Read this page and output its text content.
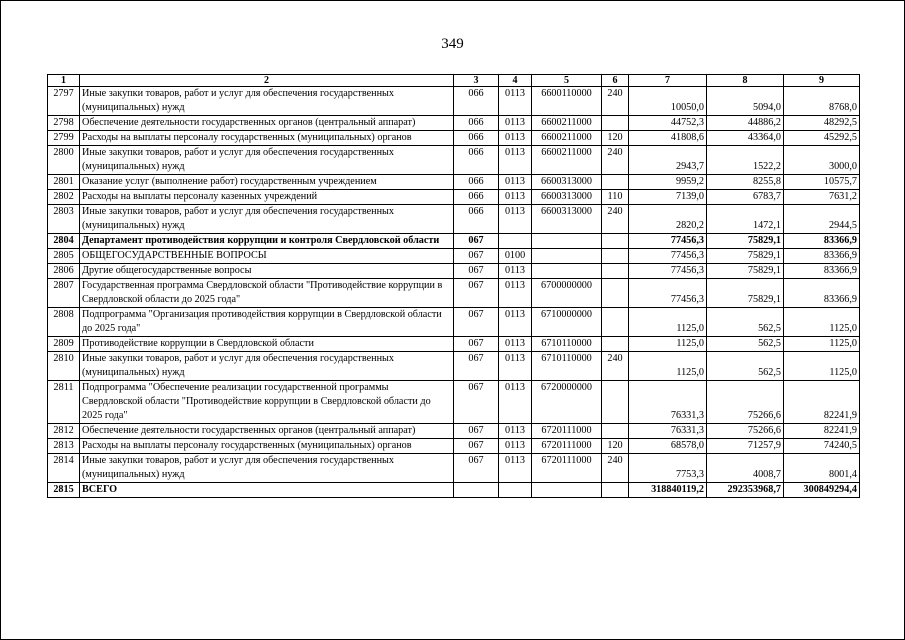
349
1	2	3	4	5	6	7	8	9
2797	Иные закупки товаров, работ и услуг для обеспечения государственных (муниципальных) нужд	066	0113	6600110000	240	10050,0	5094,0	8768,0
2798	Обеспечение деятельности государственных органов (центральный аппарат)	066	0113	6600211000		44752,3	44886,2	48292,5
2799	Расходы на выплаты персоналу государственных (муниципальных) органов	066	0113	6600211000	120	41808,6	43364,0	45292,5
2800	Иные закупки товаров, работ и услуг для обеспечения государственных (муниципальных) нужд	066	0113	6600211000	240	2943,7	1522,2	3000,0
2801	Оказание услуг (выполнение работ) государственным учреждением	066	0113	6600313000		9959,2	8255,8	10575,7
2802	Расходы на выплаты персоналу казенных учреждений	066	0113	6600313000	110	7139,0	6783,7	7631,2
2803	Иные закупки товаров, работ и услуг для обеспечения государственных (муниципальных) нужд	066	0113	6600313000	240	2820,2	1472,1	2944,5
2804	Департамент противодействия коррупции и контроля Свердловской области	067				77456,3	75829,1	83366,9
2805	ОБЩЕГОСУДАРСТВЕННЫЕ ВОПРОСЫ	067	0100			77456,3	75829,1	83366,9
2806	Другие общегосударственные вопросы	067	0113			77456,3	75829,1	83366,9
2807	Государственная программа Свердловской области "Противодействие коррупции в Свердловской области до 2025 года"	067	0113	6700000000		77456,3	75829,1	83366,9
2808	Подпрограмма "Организация противодействия коррупции в Свердловской области до 2025 года"	067	0113	6710000000		1125,0	562,5	1125,0
2809	Противодействие коррупции в Свердловской области	067	0113	6710110000		1125,0	562,5	1125,0
2810	Иные закупки товаров, работ и услуг для обеспечения государственных (муниципальных) нужд	067	0113	6710110000	240	1125,0	562,5	1125,0
2811	Подпрограмма "Обеспечение реализации государственной программы Свердловской области "Противодействие коррупции в Свердловской области до 2025 года"	067	0113	6720000000		76331,3	75266,6	82241,9
2812	Обеспечение деятельности государственных органов (центральный аппарат)	067	0113	6720111000		76331,3	75266,6	82241,9
2813	Расходы на выплаты персоналу государственных (муниципальных) органов	067	0113	6720111000	120	68578,0	71257,9	74240,5
2814	Иные закупки товаров, работ и услуг для обеспечения государственных (муниципальных) нужд	067	0113	6720111000	240	7753,3	4008,7	8001,4
2815	ВСЕГО					318840119,2	292353968,7	300849294,4
